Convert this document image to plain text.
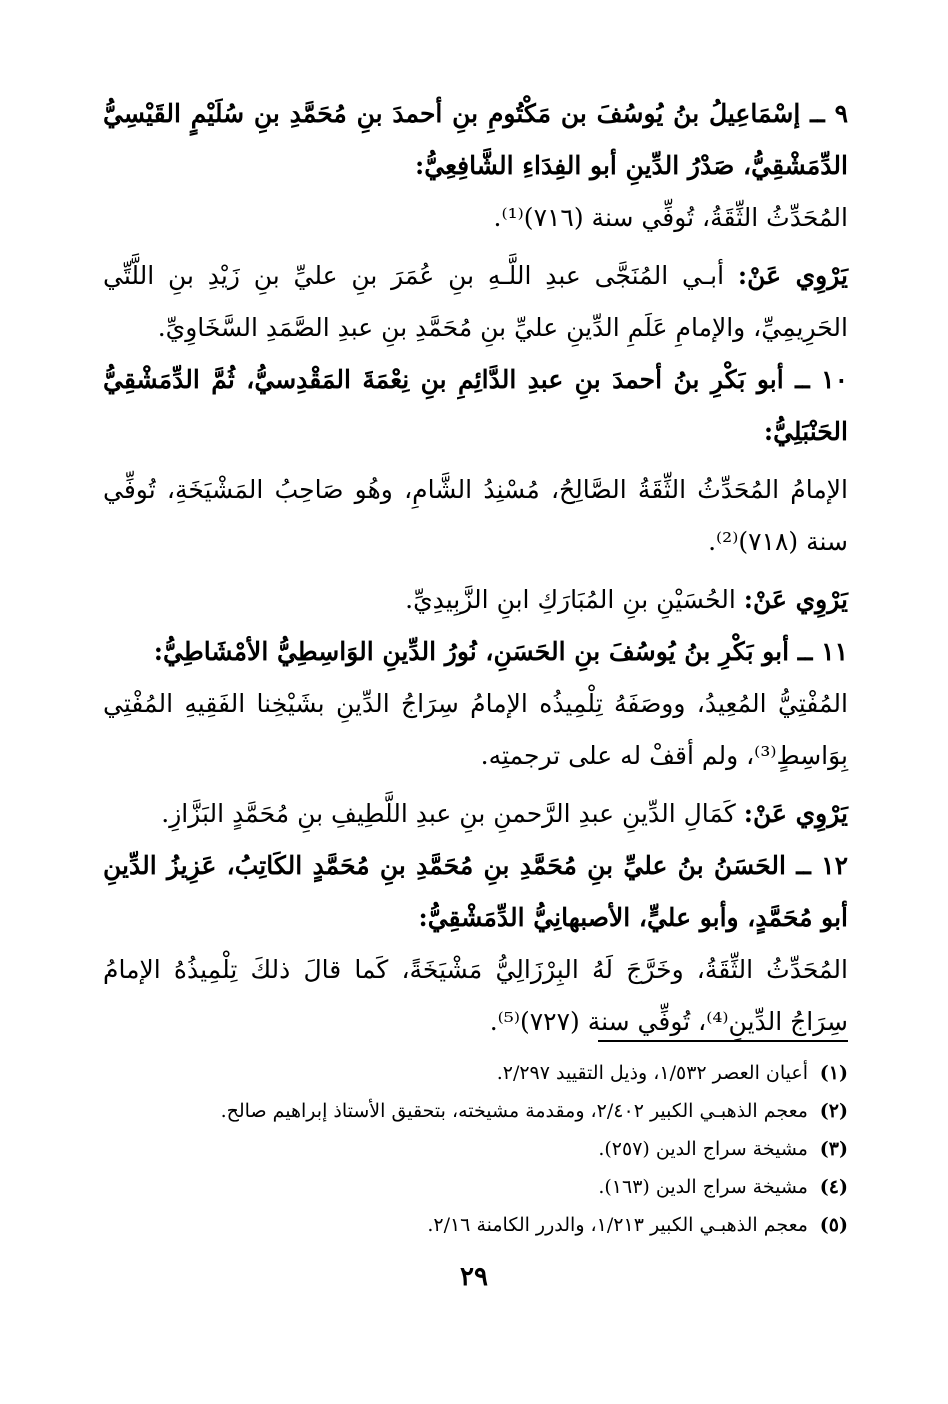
٩ ــ إسْمَاعِيلُ بنُ يُوسُفَ بن مَكْتُومِ بنِ أحمدَ بنِ مُحَمَّدِ بنِ سُلَيْمٍ القَيْسِيُّ
الدِّمَشْقِيُّ، صَدْرُ الدِّينِ أبو الفِدَاءِ الشَّافِعِيُّ:
المُحَدِّثُ الثِّقَةُ، تُوفِّي سنة (٧١٦)⁽¹⁾.
يَرْوِي عَنْ: أبـي المُنَجَّى عبدِ اللَّـهِ بنِ عُمَرَ بنِ عليِّ بنِ زَيْدِ بنِ اللَّتِّي
الحَرِيمِيِّ، والإمامِ عَلَمِ الدِّينِ عليِّ بنِ مُحَمَّدِ بنِ عبدِ الصَّمَدِ السَّخَاوِيِّ.
١٠ ــ أبو بَكْرِ بنُ أحمدَ بنِ عبدِ الدَّائِمِ بنِ نِعْمَةَ المَقْدِسيُّ، ثُمَّ الدِّمَشْقِيُّ
الحَنْبَلِيُّ:
الإمامُ المُحَدِّثُ الثِّقَةُ الصَّالِحُ، مُسْنِدُ الشَّامِ، وهُو صَاحِبُ المَشْيَخَةِ، تُوفِّي
سنة (٧١٨)⁽²⁾.
يَرْوِي عَنْ: الحُسَيْنِ بنِ المُبَارَكِ ابنِ الزَّبِيدِيِّ.
١١ ــ أبو بَكْرِ بنُ يُوسُفَ بنِ الحَسَنِ، نُورُ الدِّينِ الوَاسِطِيُّ الأمْشَاطِيُّ:
المُفْتِيُّ المُعِيدُ، ووصَفَهُ تِلْمِيذُه الإمامُ سِرَاجُ الدِّينِ بشَيْخِنا الفَقِيهِ المُفْتِي
بِوَاسِطٍ⁽³⁾، ولم أقفْ له على ترجمتِه.
يَرْوِي عَنْ: كَمَالِ الدِّينِ عبدِ الرَّحمنِ بنِ عبدِ اللَّطِيفِ بنِ مُحَمَّدٍ البَزَّازِ.
١٢ ــ الحَسَنُ بنُ عليِّ بنِ مُحَمَّدِ بنِ مُحَمَّدِ بنِ مُحَمَّدٍ الكَاتِبُ، عَزِيزُ الدِّينِ
أبو مُحَمَّدٍ، وأبو عليٍّ، الأصبهانِيُّ الدِّمَشْقِيُّ:
المُحَدِّثُ الثِّقَةُ، وخَرَّجَ لَهُ البِرْزَالِيُّ مَشْيَخَةً، كَما قالَ ذلكَ تِلْمِيذُهُ الإمامُ
سِرَاجُ الدِّينِ⁽⁴⁾، تُوفِّي سنة (٧٢٧)⁽⁵⁾.
(١)أعيان العصر ١/٥٣٢، وذيل التقييد ٢/٢٩٧.
(٢)معجم الذهبـي الكبير ٢/٤٠٢، ومقدمة مشيخته، بتحقيق الأستاذ إبراهيم صالح.
(٣)مشيخة سراج الدين (٢٥٧).
(٤)مشيخة سراج الدين (١٦٣).
(٥)معجم الذهبـي الكبير ١/٢١٣، والدرر الكامنة ٢/١٦.
٢٩
